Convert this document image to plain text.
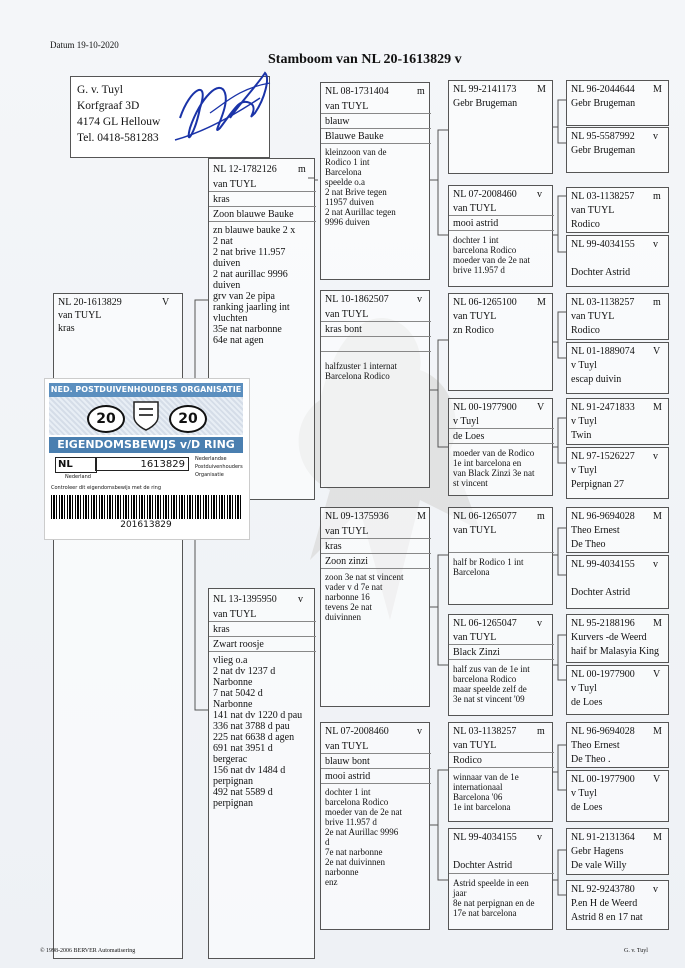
Datum 19-10-2020
Stamboom van NL 20-1613829 v
G. v. Tuyl
Korfgraaf 3D
4174 GL Hellouw
Tel. 0418-581283
NL 20-1613829	V
van TUYL
kras
NL 12-1782126 m
van TUYL
kras
Zoon blauwe Bauke
zn blauwe bauke 2 x
2 nat
2 nat brive 11.957
duiven
2 nat aurillac 9996
duiven
grv van 2e pipa
ranking jaarling int
vluchten
35e nat narbonne
64e nat agen
NL 13-1395950 v
van TUYL
kras
Zwart roosje
vlieg o.a
2 nat dv 1237 d
Narbonne
7 nat 5042 d
Narbonne
141 nat dv 1220 d pau
336 nat 3788 d pau
225 nat 6638 d agen
691 nat 3951 d
bergerac
156 nat dv 1484 d
perpignan
492 nat 5589 d
perpignan
NL 08-1731404	m
van TUYL
blauw
Blauwe Bauke
kleinzoon van de
Rodico 1 int
Barcelona
speelde o.a
2 nat Brive tegen
11957 duiven
2 nat Aurillac tegen
9996 duiven
NL 10-1862507	v
van TUYL
kras bont
halfzuster 1 internat
Barcelona Rodico
NL 09-1375936	M
van TUYL
kras
Zoon zinzi
zoon 3e nat st vincent
vader v d 7e nat
narbonne 16
tevens 2e nat
duivinnen
NL 07-2008460	v
van TUYL
blauw bont
mooi astrid
dochter 1 int
barcelona Rodico
moeder van de 2e nat
brive 11.957 d
2e nat Aurillac 9996
d
7e nat narbonne
2e nat duivinnen
narbonne
enz
NL 99-2141173 M
Gebr Brugeman
NL 07-2008460 v
van TUYL
mooi astrid
dochter 1 int
barcelona Rodico
moeder van de 2e nat
brive 11.957 d
NL 06-1265100 M
van TUYL
zn Rodico
NL 00-1977900 V
v Tuyl
de Loes
moeder van de Rodico
1e int barcelona en
van Black Zinzi 3e nat
st vincent
NL 06-1265077 m
van TUYL
half br Rodico 1 int
Barcelona
NL 06-1265047 v
van TUYL
Black Zinzi
half zus van de 1e int
barcelona Rodico
maar speelde zelf de
3e nat st vincent '09
NL 03-1138257 m
van TUYL
Rodico
winnaar van de 1e
internationaal
Barcelona '06
1e int barcelona
NL 99-4034155 v
Dochter Astrid
Astrid speelde in een
jaar
8e nat perpignan en de
17e nat barcelona
NL 96-2044644 M
Gebr Brugeman
NL 95-5587992 v
Gebr Brugeman
NL 03-1138257 m
van TUYL
Rodico
NL 99-4034155 v
Dochter Astrid
NL 03-1138257 m
van TUYL
Rodico
NL 01-1889074 V
v Tuyl
escap duivin
NL 91-2471833 M
v Tuyl
Twin
NL 97-1526227 v
v Tuyl
Perpignan 27
NL 96-9694028 M
Theo Ernest
De Theo
NL 99-4034155 v
Dochter Astrid
NL 95-2188196 M
Kurvers -de Weerd
haif br Malasyia King
NL 00-1977900 V
v Tuyl
de Loes
NL 96-9694028 M
Theo Ernest
De Theo .
NL 00-1977900 V
v Tuyl
de Loes
NL 91-2131364 M
Gebr Hagens
De vale Willy
NL 92-9243780 v
P.en H de Weerd
Astrid 8 en 17 nat
NED. POSTDUIVENHOUDERS ORGANISATIE
20	20
EIGENDOMSBEWIJS v/D RING
NL	1613829	Nederlandse
Postduivenhouders
Organisatie
Nederland
Controleer dit eigendomsbewijs met de ring
201613829
© 1998-2006 BERVER Automatisering	G. v. Tuyl
